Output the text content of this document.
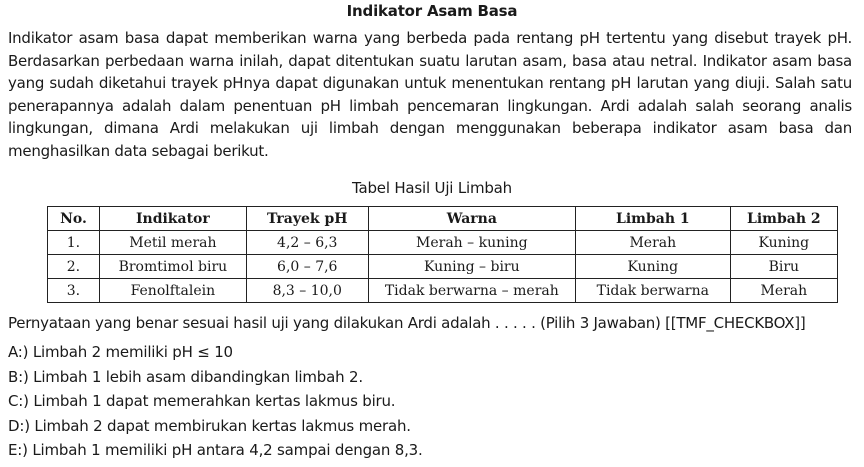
Indikator Asam Basa
Indikator asam basa dapat memberikan warna yang berbeda pada rentang pH tertentu yang disebut trayek pH. Berdasarkan perbedaan warna inilah, dapat ditentukan suatu larutan asam, basa atau netral. Indikator asam basa yang sudah diketahui trayek pHnya dapat digunakan untuk menentukan rentang pH larutan yang diuji. Salah satu penerapannya adalah dalam penentuan pH limbah pencemaran lingkungan. Ardi adalah salah seorang analis lingkungan, dimana Ardi melakukan uji limbah dengan menggunakan beberapa indikator asam basa dan menghasilkan data sebagai berikut.
Tabel Hasil Uji Limbah
No.	Indikator	Trayek pH	Warna	Limbah 1	Limbah 2
1.	Metil merah	4,2 – 6,3	Merah – kuning	Merah	Kuning
2.	Bromtimol biru	6,0 – 7,6	Kuning – biru	Kuning	Biru
3.	Fenolftalein	8,3 – 10,0	Tidak berwarna – merah	Tidak berwarna	Merah
Pernyataan yang benar sesuai hasil uji yang dilakukan Ardi adalah . . . . . (Pilih 3 Jawaban) [[TMF_CHECKBOX]]
A:) Limbah 2 memiliki pH ≤ 10
B:) Limbah 1 lebih asam dibandingkan limbah 2.
C:) Limbah 1 dapat memerahkan kertas lakmus biru.
D:) Limbah 2 dapat membirukan kertas lakmus merah.
E:) Limbah 1 memiliki pH antara 4,2 sampai dengan 8,3.
